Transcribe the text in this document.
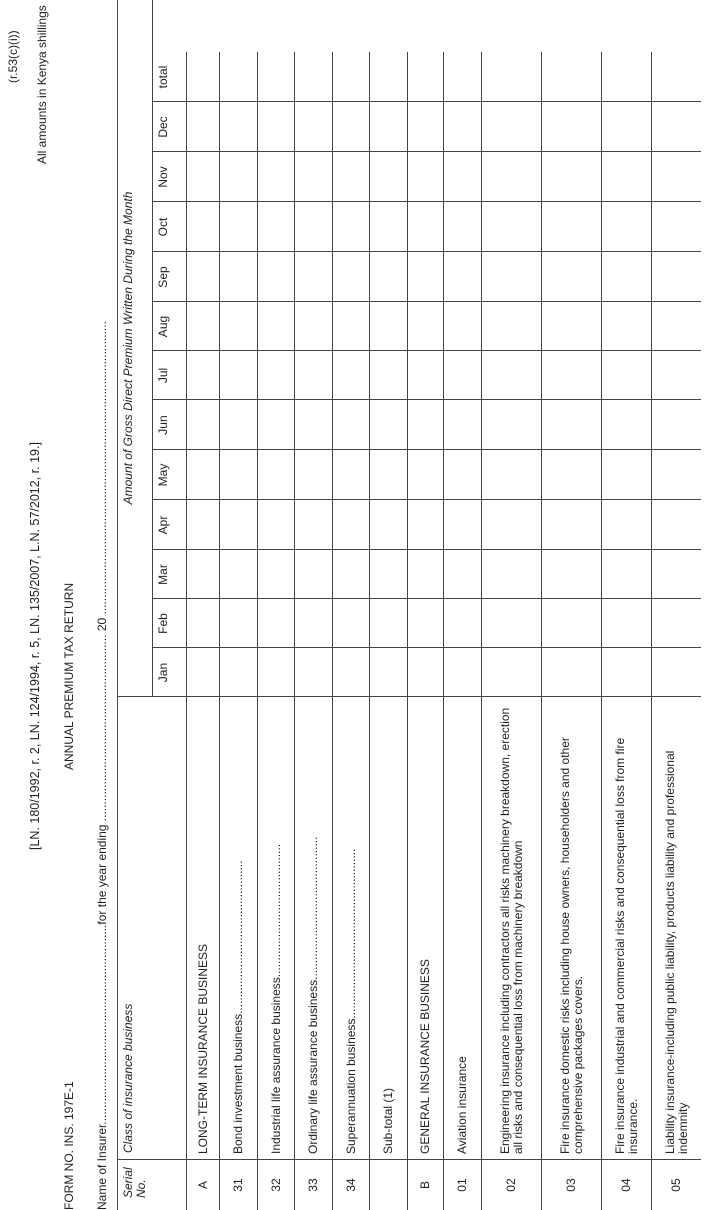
(r.53(c)(i))
[LN. 180/1992, r. 2, LN. 124/1994, r. 5, LN. 135/2007, L.N. 57/2012, r. 19.]
All amounts in Kenya shillings
ANNUAL PREMIUM TAX RETURN
FORM NO. INS. 197E-1 Name of Insurer............................................................for the year ending ........................................................ 20 ........................................................................................	Serial No.
Class of insurance business
Amount of Gross Direct Premium Written During the Month
Jan
Feb
Mar
Apr
May
Jun
Jul
Aug
Sep
Oct
Nov
Dec
total
A
LONG-TERM INSURANCE BUSINESS
31
Bond investment business..............................................
32
Industrial life assurance business........................................
33
Ordinary life assurance business...........................................
34
Superannuation business...................................................	Sub-total (1)
B
GENERAL INSURANCE BUSINESS
01
Aviation insurance
02
Engineering insurance including contractors all risks machinery breakdown, erection all risks and consequential loss from machinery breakdown
03
Fire insurance domestic risks including house owners, householders and other comprehensive packages covers.
04
Fire insurance industrial and commercial risks and consequential loss from fire insurance.
05
Liability insurance-including public liability, products liability and professional indemnity
